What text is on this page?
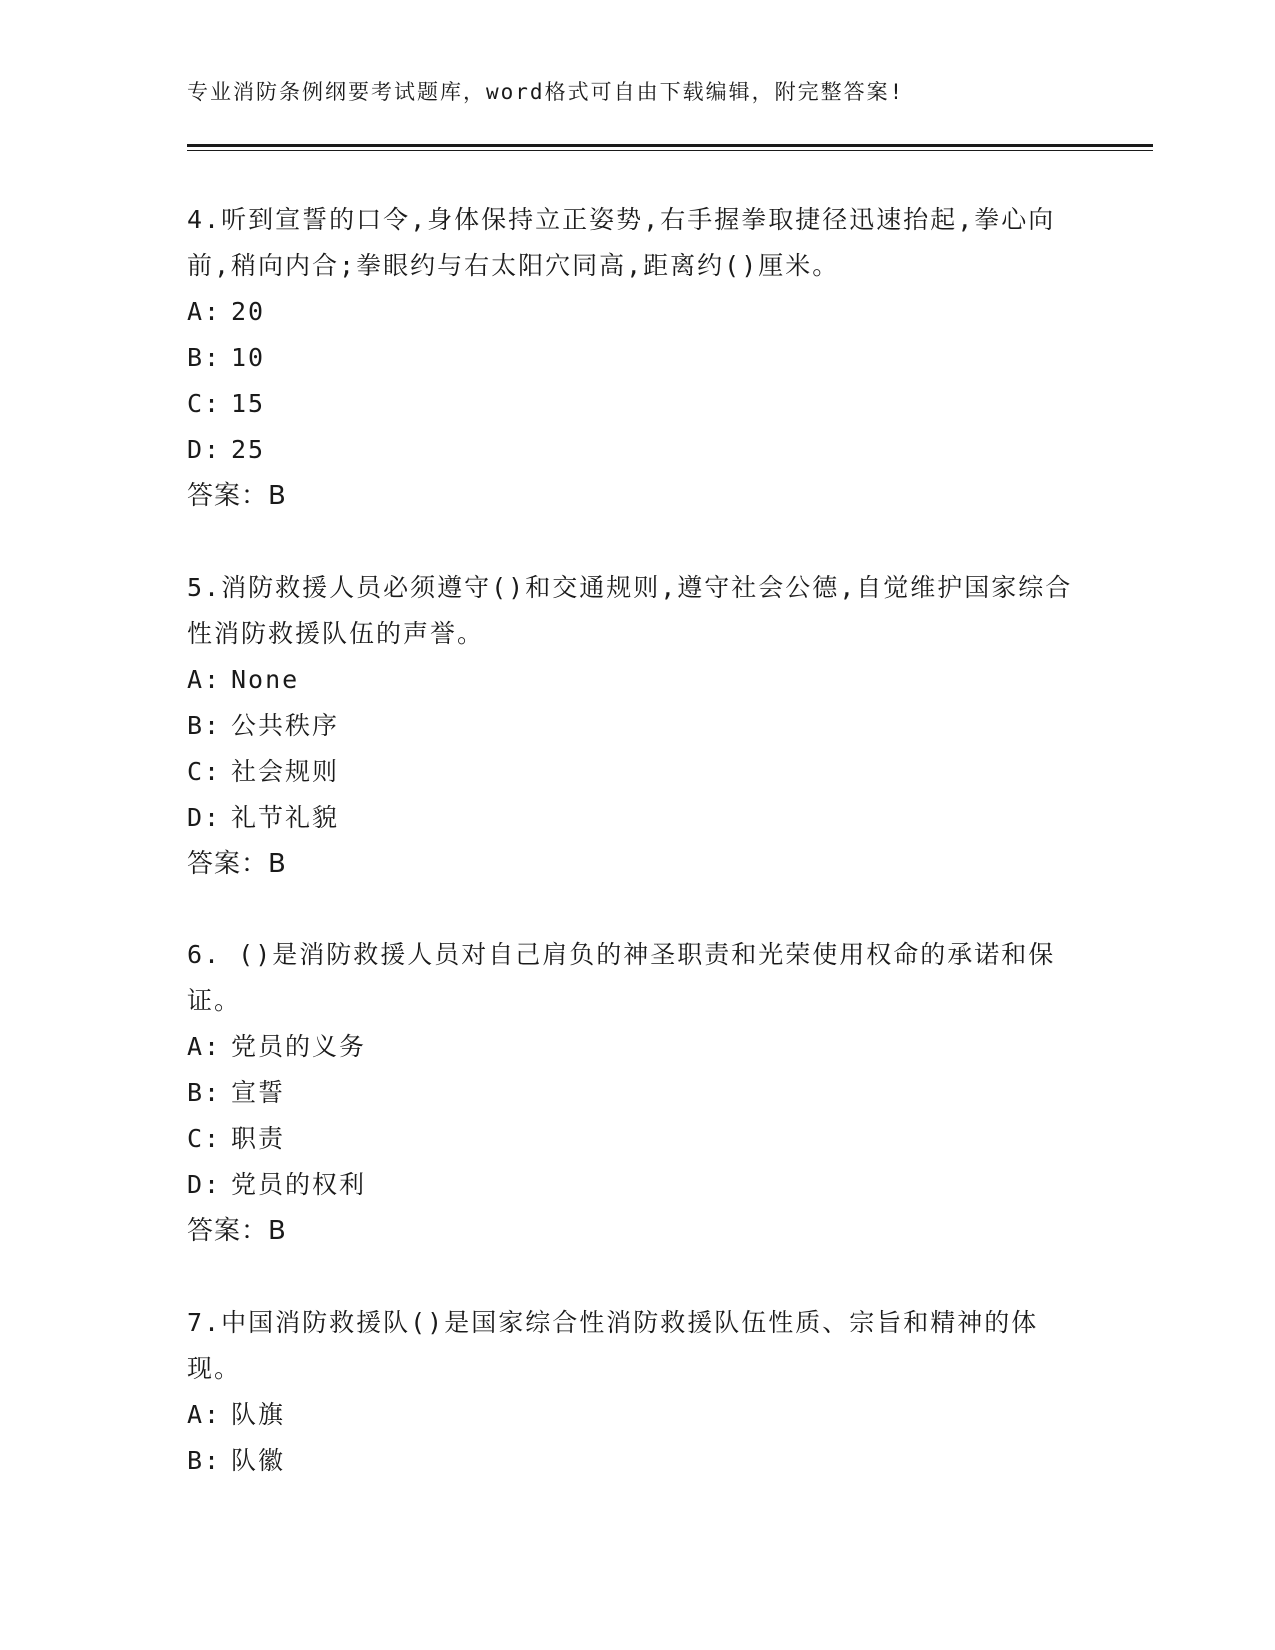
专业消防条例纲要考试题库，word格式可自由下载编辑，附完整答案!

4.听到宣誓的口令,身体保持立正姿势,右手握拳取捷径迅速抬起,拳心向前,稍向内合;拳眼约与右太阳穴同高,距离约()厘米。

A: 20
B: 10
C: 15
D: 25
答案：B

5.消防救援人员必须遵守()和交通规则,遵守社会公德,自觉维护国家综合性消防救援队伍的声誉。

A: None
B: 公共秩序
C: 社会规则
D: 礼节礼貌
答案：B

6. ()是消防救援人员对自己肩负的神圣职责和光荣使用权命的承诺和保证。

A: 党员的义务
B: 宣誓
C: 职责
D: 党员的权利
答案：B

7.中国消防救援队()是国家综合性消防救援队伍性质、宗旨和精神的体现。

A: 队旗
B: 队徽
